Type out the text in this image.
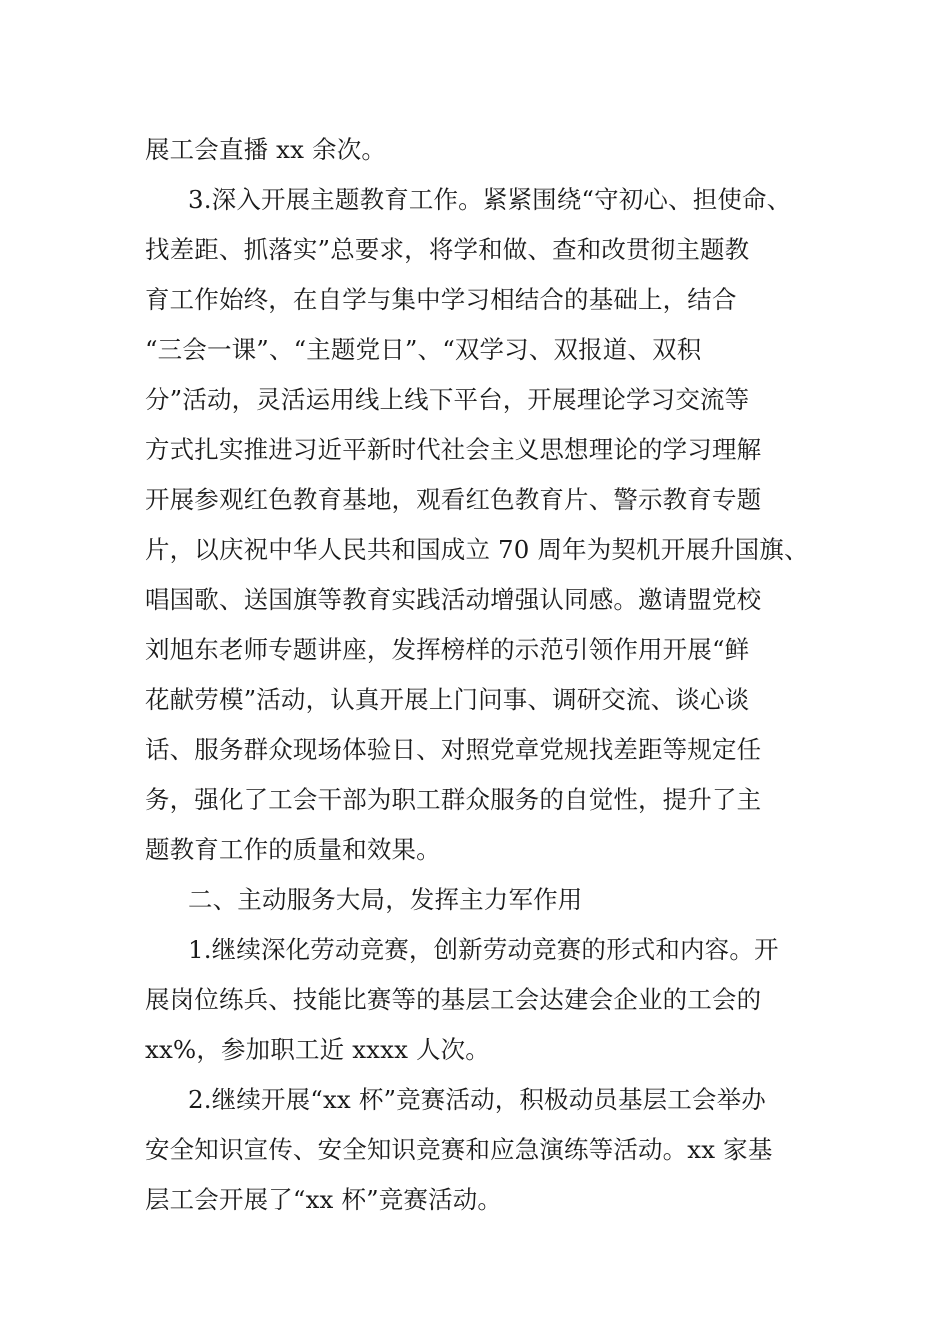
展工会直播 xx 余次。

3.深入开展主题教育工作。紧紧围绕“守初心、担使命、

找差距、抓落实”总要求，将学和做、查和改贯彻主题教

育工作始终，在自学与集中学习相结合的基础上，结合

“三会一课”、“主题党日”、“双学习、双报道、双积

分”活动，灵活运用线上线下平台，开展理论学习交流等

方式扎实推进习近平新时代社会主义思想理论的学习理解

开展参观红色教育基地，观看红色教育片、警示教育专题

片，以庆祝中华人民共和国成立 70 周年为契机开展升国旗、

唱国歌、送国旗等教育实践活动增强认同感。邀请盟党校

刘旭东老师专题讲座，发挥榜样的示范引领作用开展“鲜

花献劳模”活动，认真开展上门问事、调研交流、谈心谈

话、服务群众现场体验日、对照党章党规找差距等规定任

务，强化了工会干部为职工群众服务的自觉性，提升了主

题教育工作的质量和效果。

二、主动服务大局，发挥主力军作用

1.继续深化劳动竞赛，创新劳动竞赛的形式和内容。开

展岗位练兵、技能比赛等的基层工会达建会企业的工会的

xx%，参加职工近 xxxx 人次。

2.继续开展“xx 杯”竞赛活动，积极动员基层工会举办

安全知识宣传、安全知识竞赛和应急演练等活动。xx 家基

层工会开展了“xx 杯”竞赛活动。
